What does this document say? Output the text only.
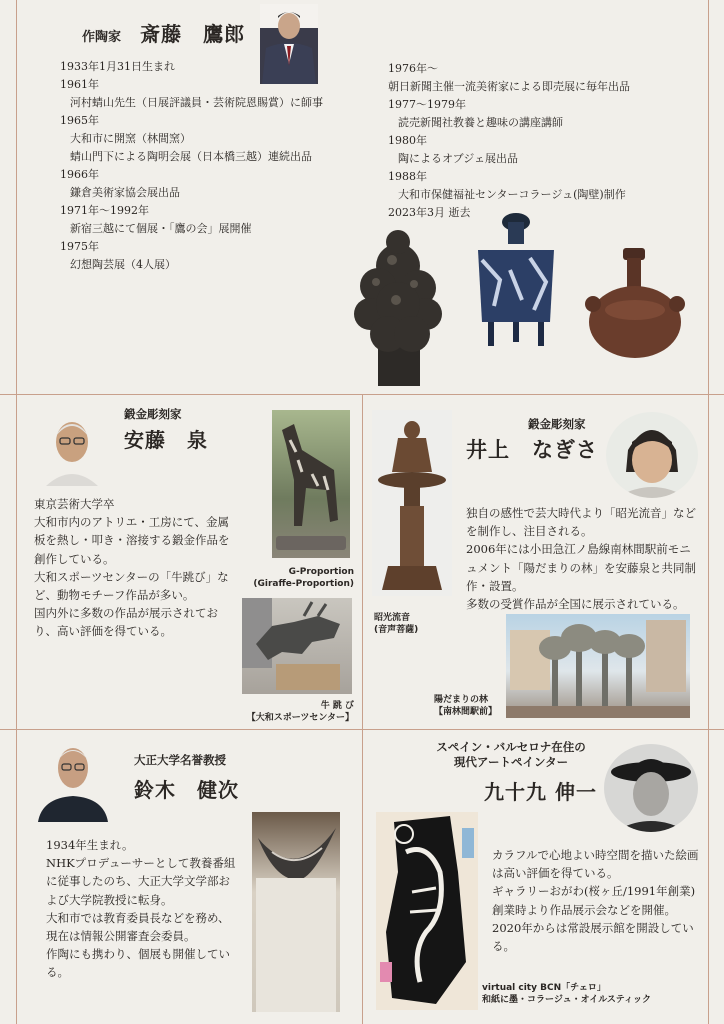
作陶家 斎藤　鷹郎
1933年1月31日生まれ
1961年
河村蜻山先生（日展評議員・芸術院恩賜賞）に師事
1965年
大和市に開窯（林間窯）
蜻山門下による陶明会展（日本橋三越）連続出品
1966年
鎌倉美術家協会展出品
1971年〜1992年
新宿三越にて個展・「鷹の会」展開催
1975年
幻想陶芸展（4人展）
1976年〜
朝日新聞主催一流美術家による即売展に毎年出品
1977〜1979年
読売新聞社教養と趣味の講座講師
1980年
陶によるオブジェ展出品
1988年
大和市保健福祉センターコラージュ(陶壁)制作
2023年3月 逝去
鍛金彫刻家
安藤　泉
東京芸術大学卒
大和市内のアトリエ・工房にて、金属板を熱し・叩き・溶接する鍛金作品を創作している。
大和スポーツセンターの「牛跳び」など、動物モチーフ作品が多い。
国内外に多数の作品が展示されており、高い評価を得ている。
G-Proportion
(Giraffe-Proportion)
牛 跳 び
【大和スポーツセンター】
昭光流音
(音声菩薩)
鍛金彫刻家
井上　なぎさ
独自の感性で芸大時代より「昭光流音」などを制作し、注目される。
2006年には小田急江ノ島線南林間駅前モニュメント「陽だまりの林」を安藤泉と共同制作・設置。
多数の受賞作品が全国に展示されている。
陽だまりの林
【南林間駅前】
大正大学名誉教授
鈴木　健次
1934年生まれ。
NHKプロデューサーとして教養番組に従事したのち、大正大学文学部および大学院教授に転身。
大和市では教育委員長などを務め、現在は情報公開審査会委員。
作陶にも携わり、個展も開催している。
スペイン・バルセロナ在住の
現代アートペインター
九十九 伸一
カラフルで心地よい時空間を描いた絵画は高い評価を得ている。
ギャラリーおがわ(桜ヶ丘/1991年創業)創業時より作品展示会などを開催。2020年からは常設展示館を開設している。
virtual city BCN「チェロ」
和紙に墨・コラージュ・オイルスティック
